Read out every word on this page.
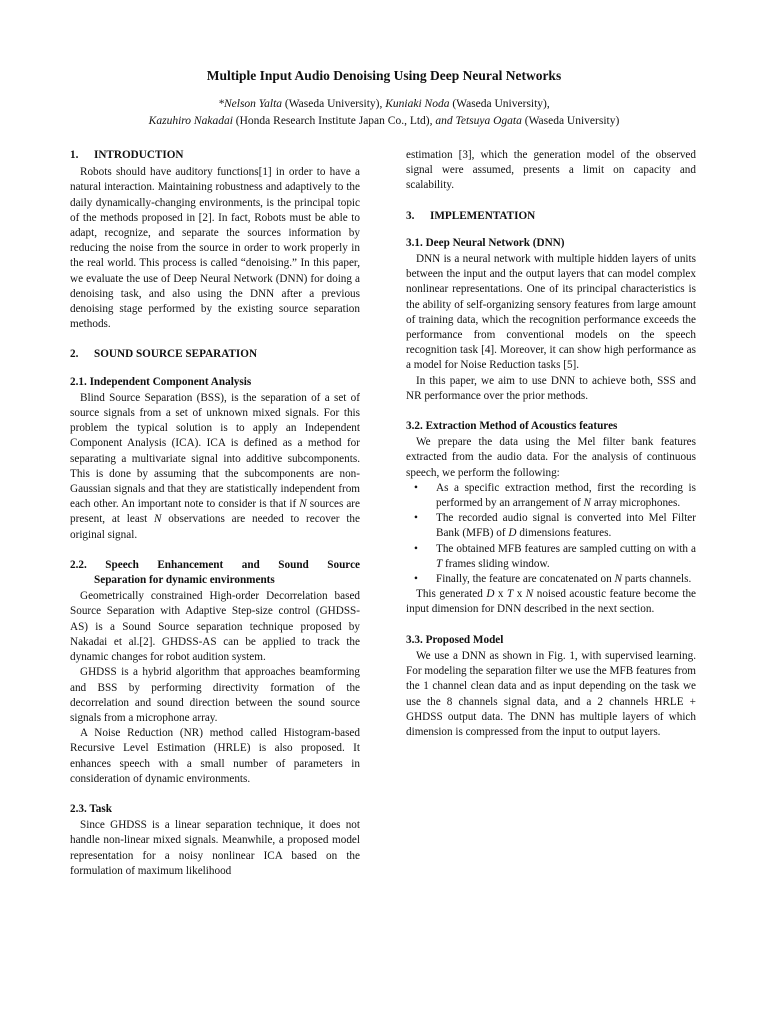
Multiple Input Audio Denoising Using Deep Neural Networks
*Nelson Yalta (Waseda University), Kuniaki Noda (Waseda University),
Kazuhiro Nakadai (Honda Research Institute Japan Co., Ltd), and Tetsuya Ogata (Waseda University)
1. INTRODUCTION

Robots should have auditory functions[1] in order to have a natural interaction. Maintaining robustness and adaptively to the daily dynamically-changing environments, is the principal topic of the methods proposed in [2]. In fact, Robots must be able to adapt, recognize, and separate the sources information by reducing the noise from the source in order to work properly in the real world. This process is called “denoising.” In this paper, we evaluate the use of Deep Neural Network (DNN) for doing a denoising task, and also using the DNN after a previous denoising stage performed by the existing source separation methods.

2. SOUND SOURCE SEPARATION
2.1. Independent Component Analysis

Blind Source Separation (BSS), is the separation of a set of source signals from a set of unknown mixed signals. For this problem the typical solution is to apply an Independent Component Analysis (ICA). ICA is defined as a method for separating a multivariate signal into additive subcomponents. This is done by assuming that the subcomponents are non-Gaussian signals and that they are statistically independent from each other. An important note to consider is that if N sources are present, at least N observations are needed to recover the original signal.

2.2. Speech Enhancement and Sound Source
Separation for dynamic environments

Geometrically constrained High-order Decorrelation based Source Separation with Adaptive Step-size control (GHDSS-AS) is a Sound Source separation technique proposed by Nakadai et al.[2]. GHDSS-AS can be applied to track the dynamic changes for robot audition system.

GHDSS is a hybrid algorithm that approaches beamforming and BSS by performing directivity formation of the decorrelation and sound direction between the sound source signals from a microphone array.

A Noise Reduction (NR) method called Histogram-based Recursive Level Estimation (HRLE) is also proposed. It enhances speech with a small number of parameters in consideration of dynamic environments.

2.3. Task

Since GHDSS is a linear separation technique, it does not handle non-linear mixed signals. Meanwhile, a proposed model representation for a noisy nonlinear ICA based on the formulation of maximum likelihood

estimation [3], which the generation model of the observed signal were assumed, presents a limit on capacity and scalability.

3. IMPLEMENTATION
3.1. Deep Neural Network (DNN)

DNN is a neural network with multiple hidden layers of units between the input and the output layers that can model complex nonlinear representations. One of its principal characteristics is the ability of self-organizing sensory features from large amount of training data, which the recognition performance exceeds the performance from conventional models on the speech recognition task [4]. Moreover, it can show high performance as a model for Noise Reduction tasks [5].

In this paper, we aim to use DNN to achieve both, SSS and NR performance over the prior methods.

3.2. Extraction Method of Acoustics features

We prepare the data using the Mel filter bank features extracted from the audio data. For the analysis of continuous speech, we perform the following:

• As a specific extraction method, first the recording is performed by an arrangement of N array microphones.
• The recorded audio signal is converted into Mel Filter Bank (MFB) of D dimensions features.
• The obtained MFB features are sampled cutting on with a T frames sliding window.
• Finally, the feature are concatenated on N parts channels.

This generated D x T x N noised acoustic feature become the input dimension for DNN described in the next section.

3.3. Proposed Model

We use a DNN as shown in Fig. 1, with supervised learning. For modeling the separation filter we use the MFB features from the 1 channel clean data and as input depending on the task we use the 8 channels signal data, and a 2 channels HRLE + GHDSS output data. The DNN has multiple layers of which dimension is compressed from the input to output layers.
